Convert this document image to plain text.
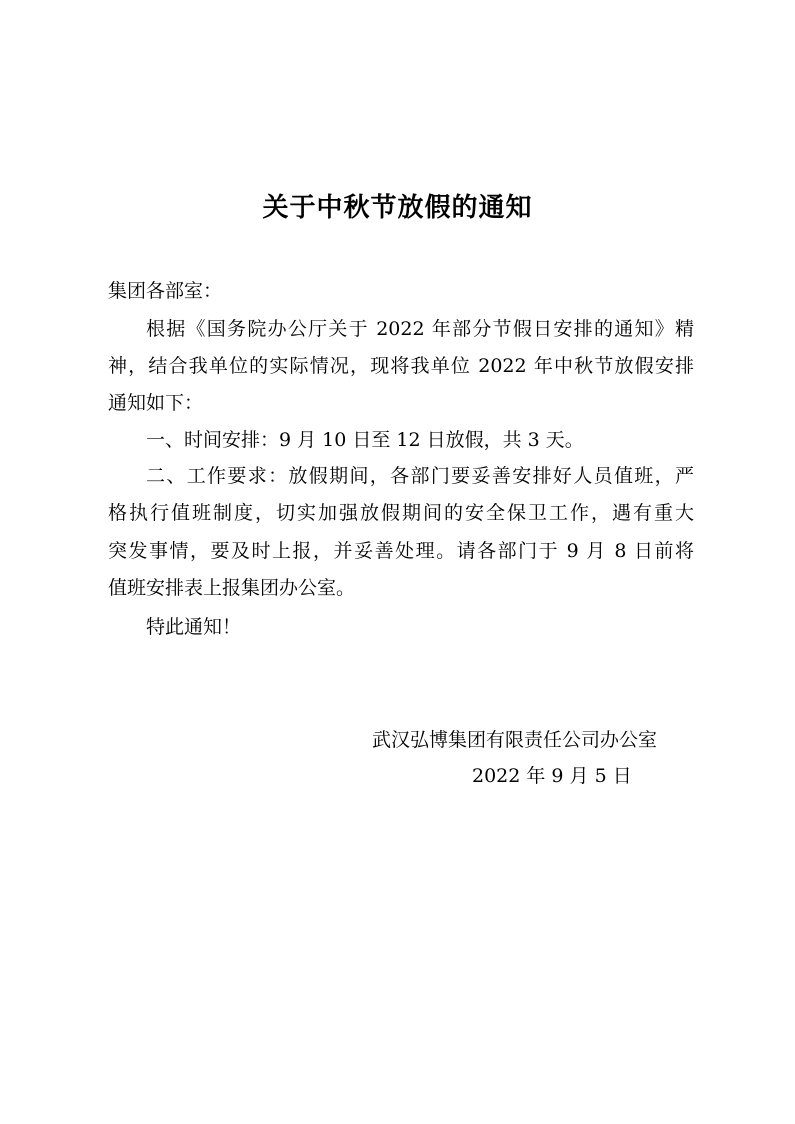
关于中秋节放假的通知
集团各部室：
根据《国务院办公厅关于 2022 年部分节假日安排的通知》精
神，结合我单位的实际情况，现将我单位 2022 年中秋节放假安排
通知如下：
一、时间安排：9 月 10 日至 12 日放假，共 3 天。
二、工作要求：放假期间，各部门要妥善安排好人员值班，严
格执行值班制度，切实加强放假期间的安全保卫工作，遇有重大
突发事情，要及时上报，并妥善处理。请各部门于 9 月 8 日前将
值班安排表上报集团办公室。
特此通知！
武汉弘博集团有限责任公司办公室
2022 年 9 月 5 日
